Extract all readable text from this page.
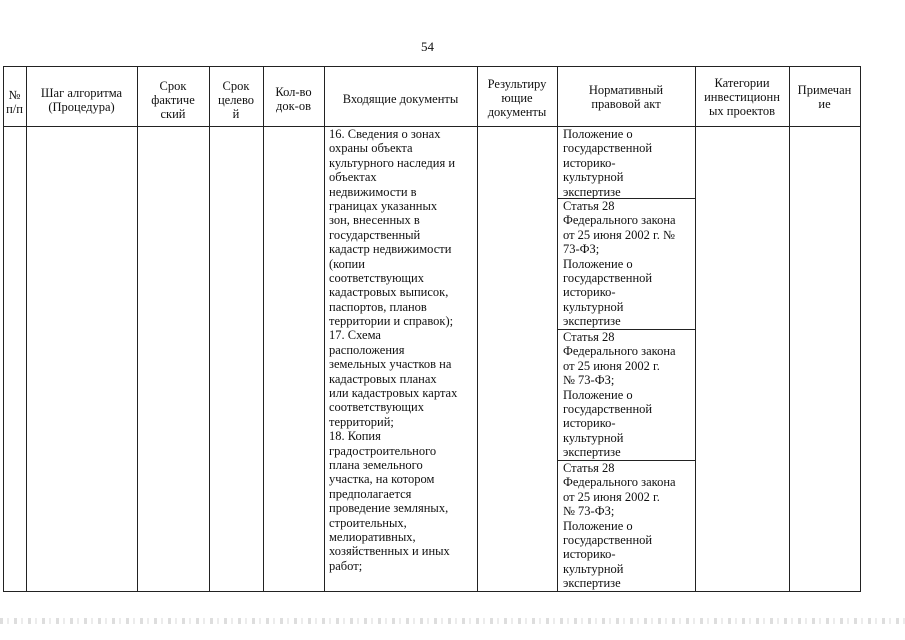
54
№
п/п
Шаг алгоритма
(Процедура)
Срок
фактиче
ский
Срок
целево
й
Кол-во
док-ов	Входящие документы
Результиру
ющие
документы
Нормативный
правовой акт
Категории
инвестиционн
ых проектов
Примечан
ие
16. Сведения о зонах
охраны объекта
культурного наследия и
объектах
недвижимости в
границах указанных
зон, внесенных в
государственный
кадастр недвижимости
(копии
соответствующих
кадастровых выписок,
паспортов, планов
территории и справок);
17. Схема
расположения
земельных участков на
кадастровых планах
или кадастровых картах
соответствующих
территорий;
18. Копия
градостроительного
плана земельного
участка, на котором
предполагается
проведение земляных,
строительных,
мелиоративных,
хозяйственных и иных
работ;
Положение о
государственной
историко-
культурной
экспертизе
Статья 28
Федерального закона
от 25 июня 2002 г. №
73-ФЗ;
Положение о
государственной
историко-
культурной
экспертизе
Статья 28
Федерального закона
от 25 июня 2002 г.
№ 73-ФЗ;
Положение о
государственной
историко-
культурной
экспертизе
Статья 28
Федерального закона
от 25 июня 2002 г.
№ 73-ФЗ;
Положение о
государственной
историко-
культурной
экспертизе
